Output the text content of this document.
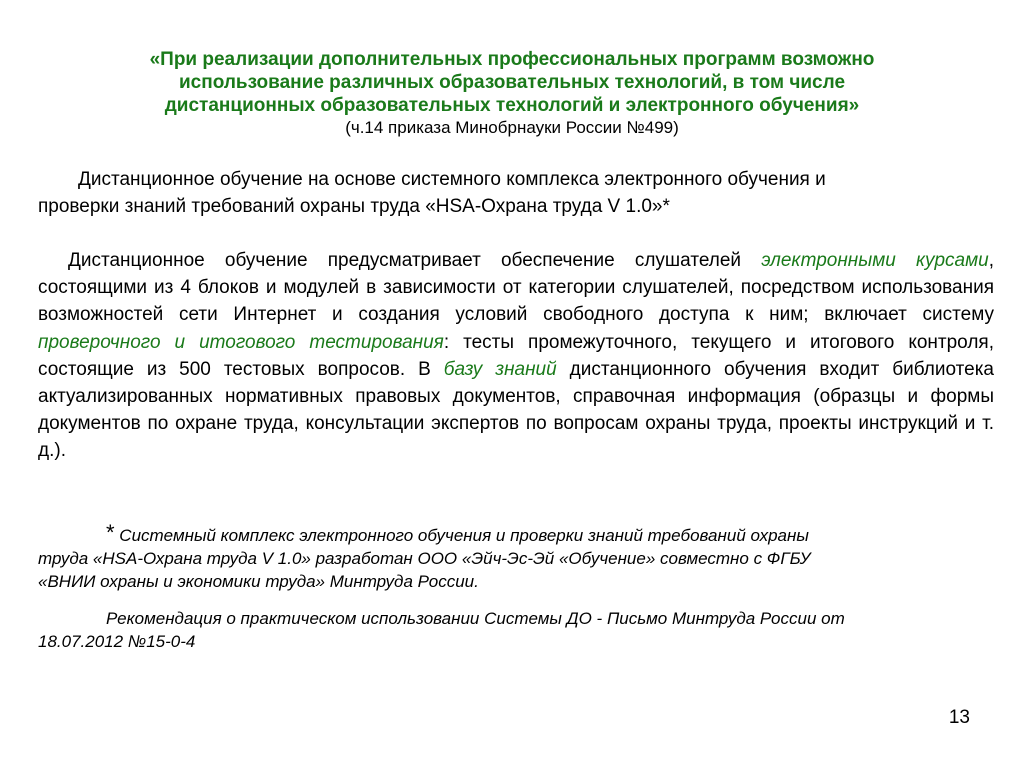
«При реализации дополнительных профессиональных программ возможно
использование различных образовательных технологий, в том числе
дистанционных образовательных технологий и электронного обучения»

(ч.14 приказа Минобрнауки России №499)

Дистанционное обучение на основе системного комплекса электронного обучения и
проверки знаний требований охраны труда «HSA-Охрана труда V 1.0»*

Дистанционное обучение предусматривает обеспечение слушателей электронными курсами, состоящими из 4 блоков и модулей в зависимости от категории слушателей, посредством использования возможностей сети Интернет и создания условий свободного доступа к ним; включает систему проверочного и итогового тестирования: тесты промежуточного, текущего и итогового контроля, состоящие из 500 тестовых вопросов. В базу знаний дистанционного обучения входит библиотека актуализированных нормативных правовых документов, справочная информация (образцы и формы документов по охране труда, консультации экспертов по вопросам охраны труда, проекты инструкций и т. д.).

* Системный комплекс электронного обучения и проверки знаний требований охраны
труда «HSA-Охрана труда V 1.0» разработан ООО «Эйч-Эс-Эй «Обучение» совместно с ФГБУ
«ВНИИ охраны и экономики труда» Минтруда России.

Рекомендация о практическом использовании Системы ДО - Письмо Минтруда России от
18.07.2012 №15-0-4

13
